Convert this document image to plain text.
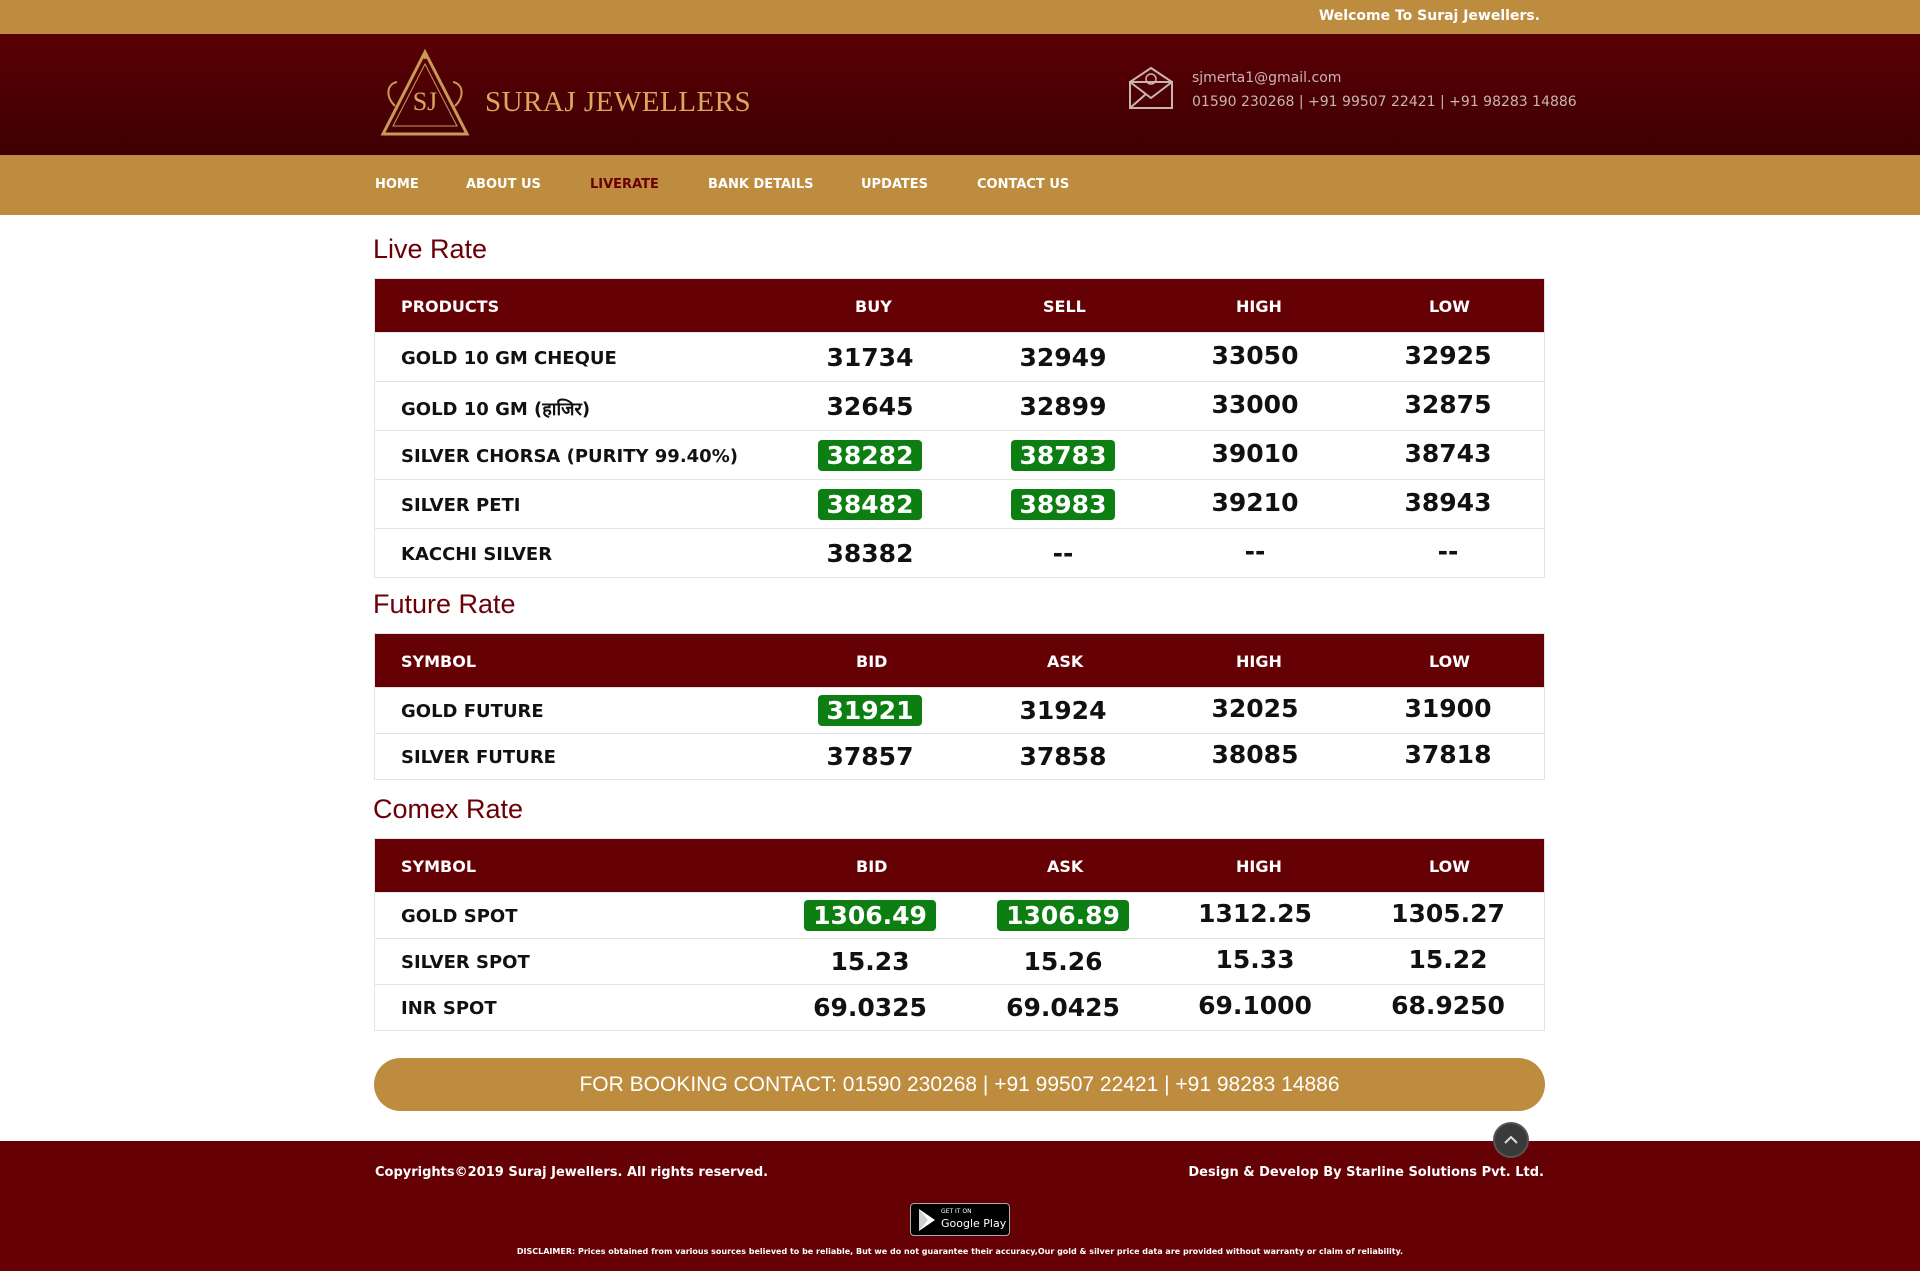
Welcome To Suraj Jewellers.
SJ SURAJ JEWELLERS
sjmerta1@gmail.com
01590 230268 | +91 99507 22421 | +91 98283 14886
HOME	ABOUT US	LIVERATE	BANK DETAILS	UPDATES	CONTACT US
Live Rate
PRODUCTS	BUY	SELL	HIGH	LOW
GOLD 10 GM CHEQUE	31734	32949	33050	32925
GOLD 10 GM (हाजिर)	32645	32899	33000	32875
SILVER CHORSA (PURITY 99.40%)	38282	38783	39010	38743
SILVER PETI	38482	38983	39210	38943
KACCHI SILVER	38382	--	--	--
Future Rate
SYMBOL	BID	ASK	HIGH	LOW
GOLD FUTURE	31921	31924	32025	31900
SILVER FUTURE	37857	37858	38085	37818
Comex Rate
SYMBOL	BID	ASK	HIGH	LOW
GOLD SPOT	1306.49	1306.89	1312.25	1305.27
SILVER SPOT	15.23	15.26	15.33	15.22
INR SPOT	69.0325	69.0425	69.1000	68.9250
FOR BOOKING CONTACT: 01590 230268 | +91 99507 22421 | +91 98283 14886
Copyrights©2019 Suraj Jewellers. All rights reserved.	Design & Develop By Starline Solutions Pvt. Ltd.
GET IT ON
Google Play
DISCLAIMER: Prices obtained from various sources believed to be reliable, But we do not guarantee their accuracy,Our gold & silver price data are provided without warranty or claim of reliability.
